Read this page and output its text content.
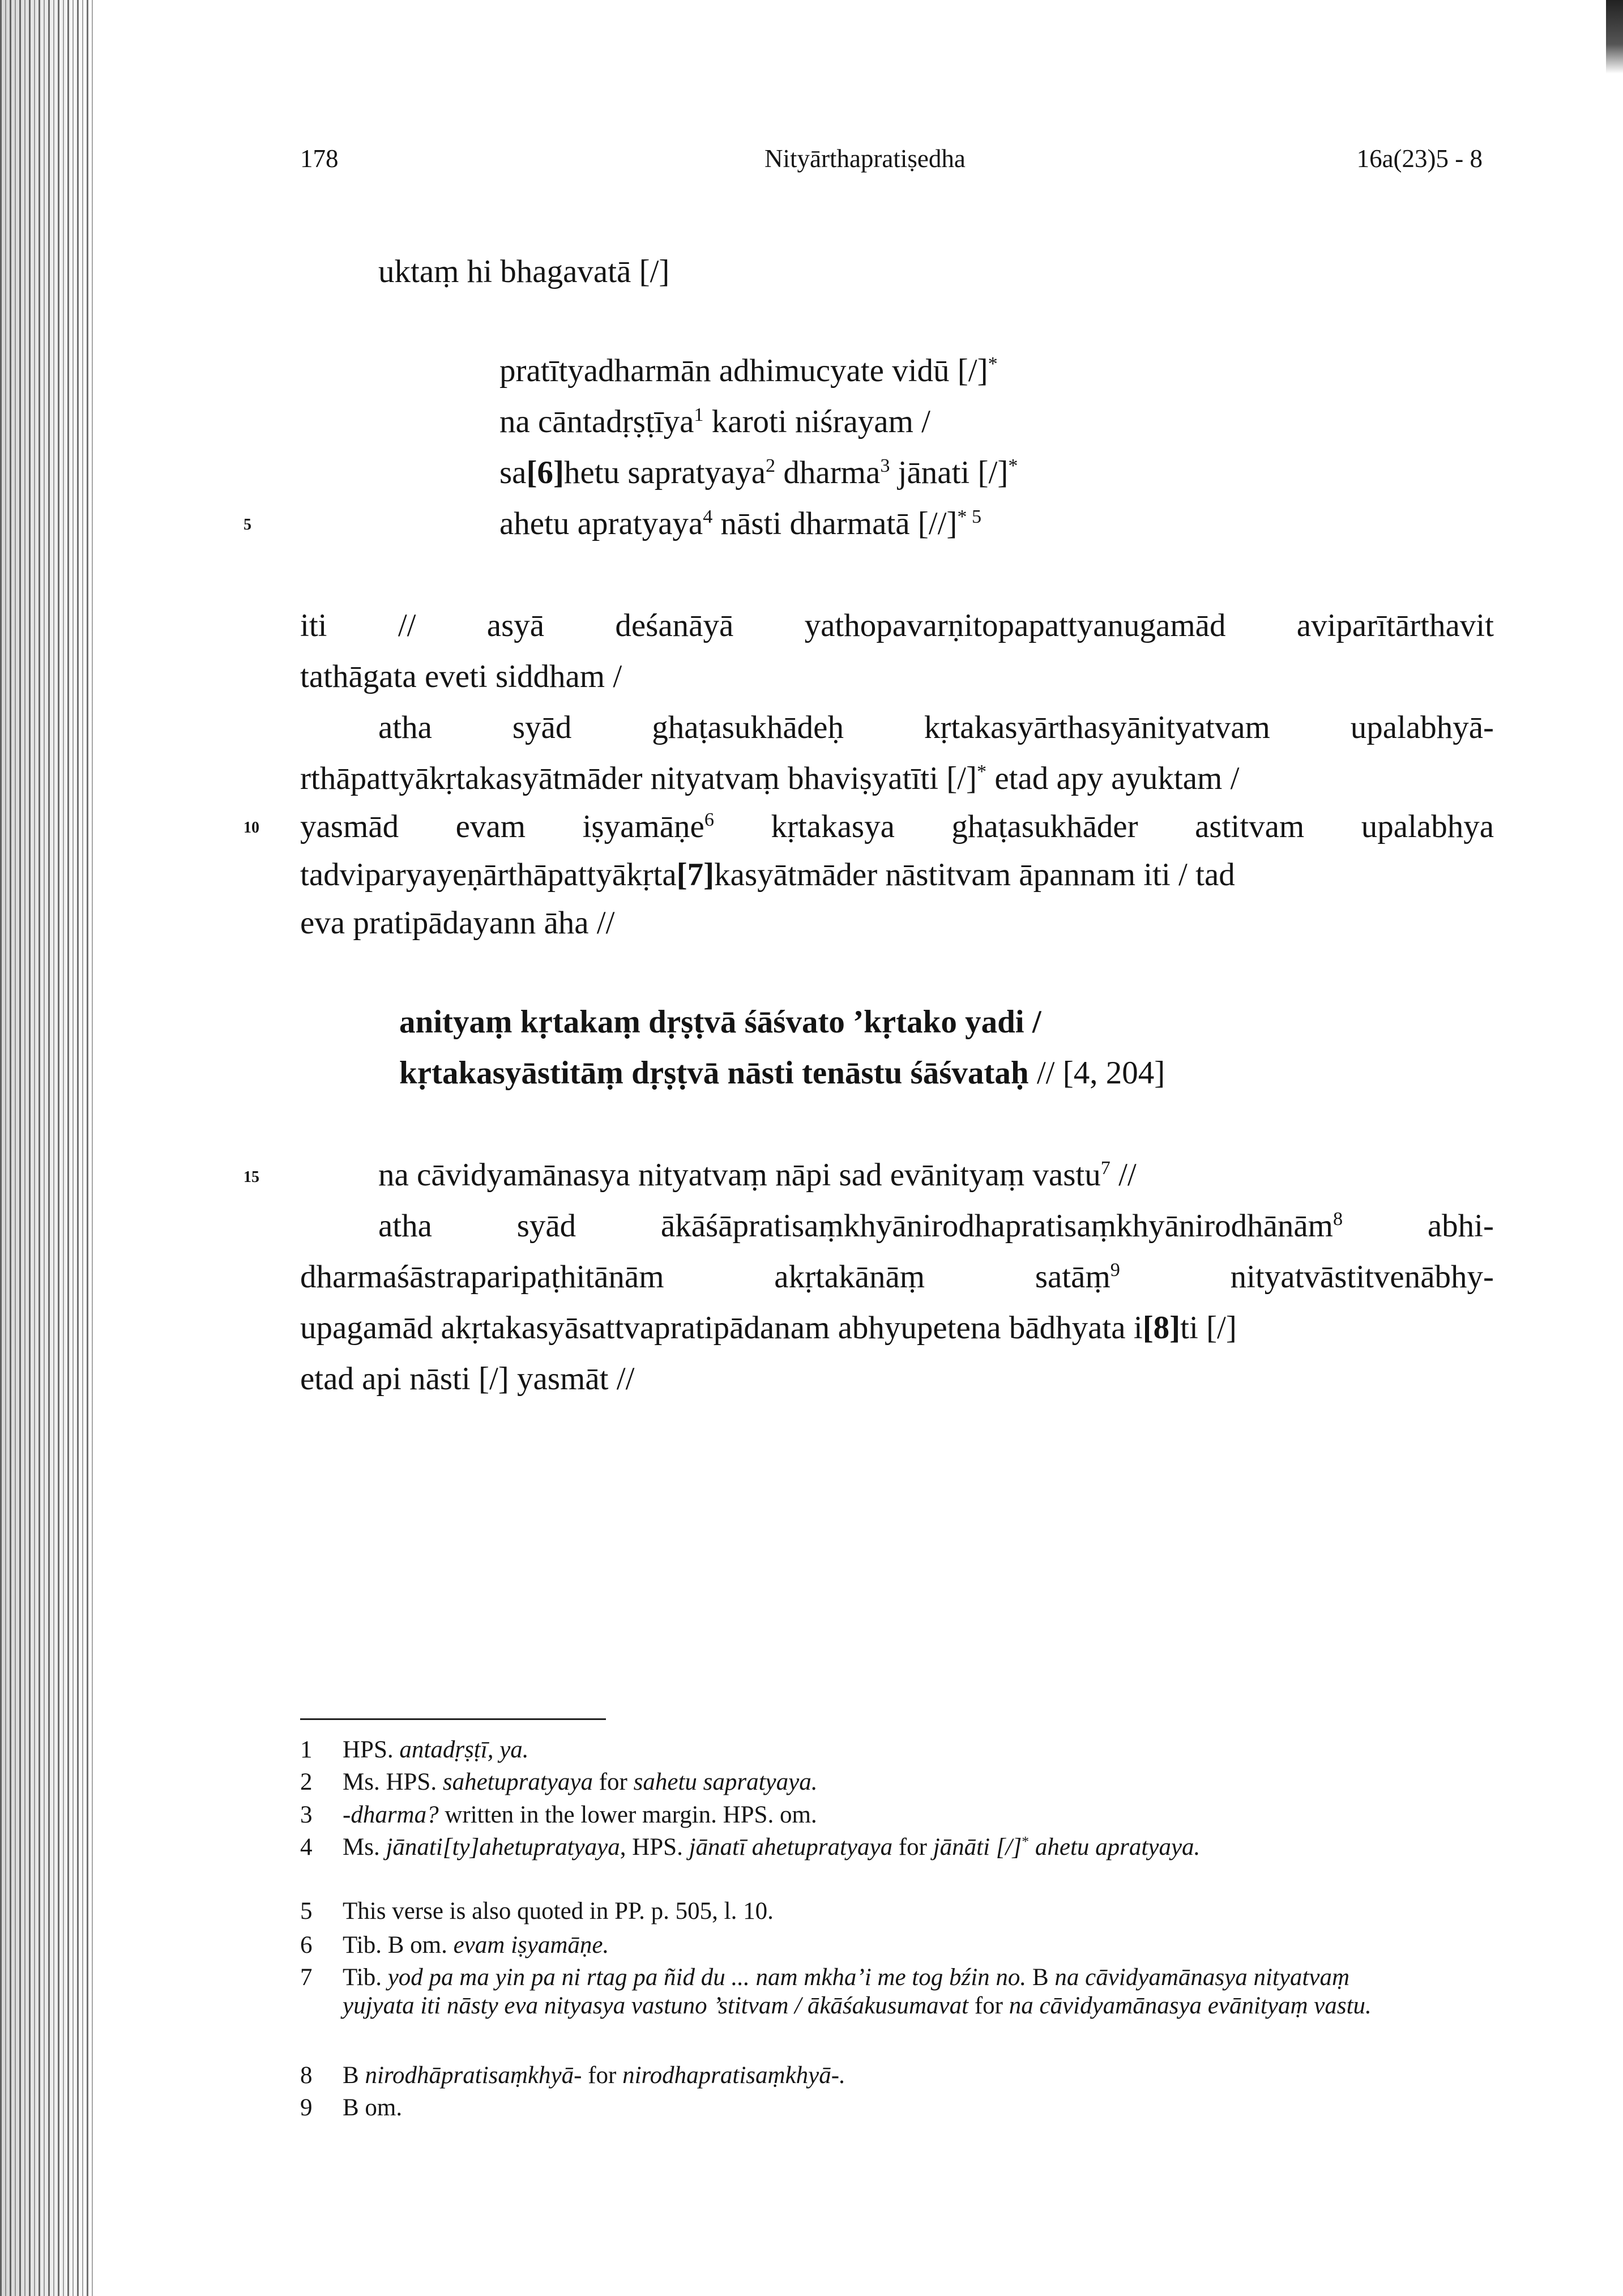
178	Nityārthapratiṣedha	16a(23)5 - 8
uktaṃ hi bhagavatā [/]
pratītyadharmān adhimucyate vidū [/]*
na cāntadṛṣṭīya$^1$ karoti niśrayam /
sa[6]hetu sapratyaya$^2$ dharma$^3$ jānati [/]*
ahetu apratyaya$^4$ nāsti dharmatā $[//]^{* 5}$
5
iti // asyā deśanāyā yathopavarṇitopapattyanugamād aviparītārthavit
tathāgata eveti siddham /
atha syād ghaṭasukhādeḥ kṛtakasyārthasyānityatvam upalabhyā-
rthāpattyākṛtakasyātmāder nityatvaṃ bhaviṣyatīti [/]* etad apy ayuktam /
yasmād evam iṣyamāṇe$^6$ kṛtakasya ghaṭasukhāder astitvam upalabhya
10
tadviparyayeṇārthāpattyākṛta[7]kasyātmāder nāstitvam āpannam iti / tad
eva pratipādayann āha //
anityaṃ kṛtakaṃ dṛṣṭvā śāśvato ’kṛtako yadi /
kṛtakasyāstitāṃ dṛṣṭvā nāsti tenāstu śāśvataḥ // [4, 204]
na cāvidyamānasya nityatvaṃ nāpi sad evānityaṃ vastu$^7$ //
15
atha	syād	ākāśāpratisaṃkhyānirodhapratisaṃkhyānirodhānām$^8$	abhi-
dharmaśāstraparipaṭhitānām	akṛtakānāṃ	satāṃ$^9$	nityatvāstitvenābhy-
upagamād akṛtakasyāsattvapratipādanam abhyupetena bādhyata i[8]ti [/]
etad api nāsti [/] yasmāt //
1 HPS. antadṛṣṭī, ya.
2 Ms. HPS. sahetupratyaya for sahetu sapratyaya.
3 -dharma? written in the lower margin. HPS. om.
4 Ms. jānati[ty]ahetupratyaya, HPS. jānatī ahetupratyaya for jānāti [/]* ahetu apratyaya.
5 This verse is also quoted in PP. p. 505, l. 10.
6 Tib. B om. evam iṣyamāṇe.
7 Tib. yod pa ma yin pa ni rtag pa ñid du ... nam mkha’i me tog bźin no. B na cāvidyamānasya nityatvaṃ yujyata iti nāsty eva nityasya vastuno ’stitvam / ākāśakusumavat for na cāvidyamānasya evānityaṃ vastu.
8 B nirodhāpratisaṃkhyā- for nirodhapratisaṃkhyā-.
9 B om.
